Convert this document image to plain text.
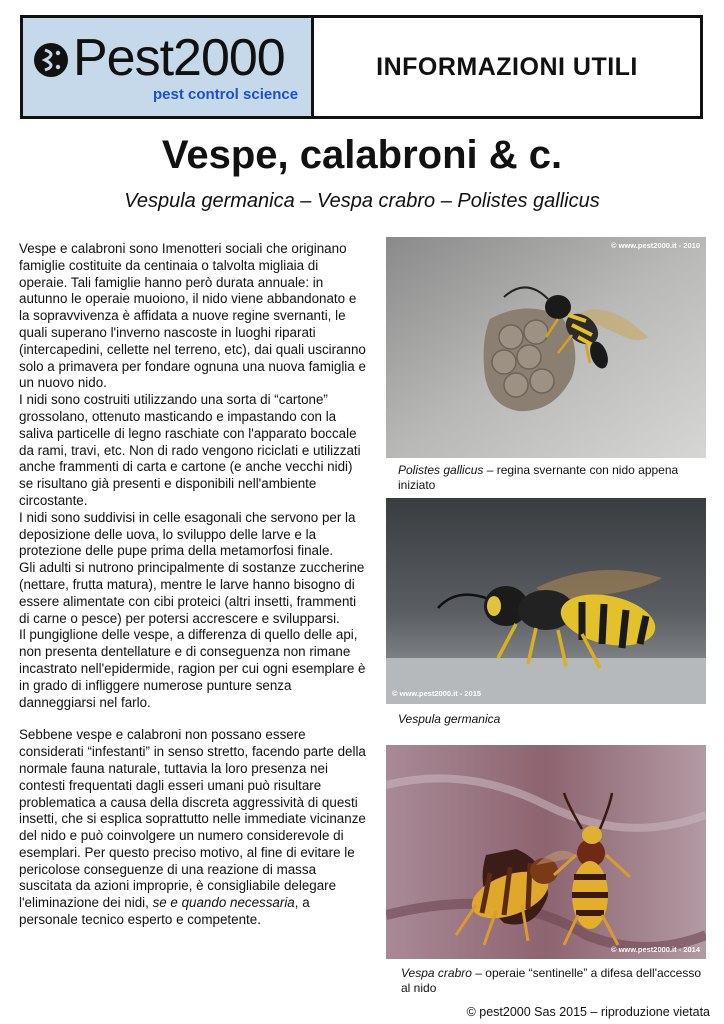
Pest2000
pest control science
INFORMAZIONI UTILI
Vespe, calabroni & c.
Vespula germanica – Vespa crabro – Polistes gallicus

Vespe e calabroni sono Imenotteri sociali che originano famiglie costituite da centinaia o talvolta migliaia di operaie. Tali famiglie hanno però durata annuale: in autunno le operaie muoiono, il nido viene abbandonato e la sopravvivenza è affidata a nuove regine svernanti, le quali superano l'inverno nascoste in luoghi riparati (intercapedini, cellette nel terreno, etc), dai quali usciranno solo a primavera per fondare ognuna una nuova famiglia e un nuovo nido.

I nidi sono costruiti utilizzando una sorta di “cartone” grossolano, ottenuto masticando e impastando con la saliva particelle di legno raschiate con l'apparato boccale da rami, travi, etc. Non di rado vengono riciclati e utilizzati anche frammenti di carta e cartone (e anche vecchi nidi) se risultano già presenti e disponibili nell'ambiente circostante.

I nidi sono suddivisi in celle esagonali che servono per la deposizione delle uova, lo sviluppo delle larve e la protezione delle pupe prima della metamorfosi finale.

Gli adulti si nutrono principalmente di sostanze zuccherine (nettare, frutta matura), mentre le larve hanno bisogno di essere alimentate con cibi proteici (altri insetti, frammenti di carne o pesce) per potersi accrescere e svilupparsi.

Il pungiglione delle vespe, a differenza di quello delle api, non presenta dentellature e di conseguenza non rimane incastrato nell'epidermide, ragion per cui ogni esemplare è in grado di infliggere numerose punture senza danneggiarsi nel farlo.

Sebbene vespe e calabroni non possano essere considerati “infestanti” in senso stretto, facendo parte della normale fauna naturale, tuttavia la loro presenza nei contesti frequentati dagli esseri umani può risultare problematica a causa della discreta aggressività di questi insetti, che si esplica soprattutto nelle immediate vicinanze del nido e può coinvolgere un numero considerevole di esemplari. Per questo preciso motivo, al fine di evitare le pericolose conseguenze di una reazione di massa suscitata da azioni improprie, è consigliabile delegare l'eliminazione dei nidi, se e quando necessaria, a personale tecnico esperto e competente.

© www.pest2000.it - 2010
Polistes gallicus – regina svernante con nido appena iniziato
© www.pest2000.it - 2015
Vespula germanica
© www.pest2000.it - 2014
Vespa crabro – operaie “sentinelle” a difesa dell'accesso al nido
© pest2000 Sas 2015 – riproduzione vietata
